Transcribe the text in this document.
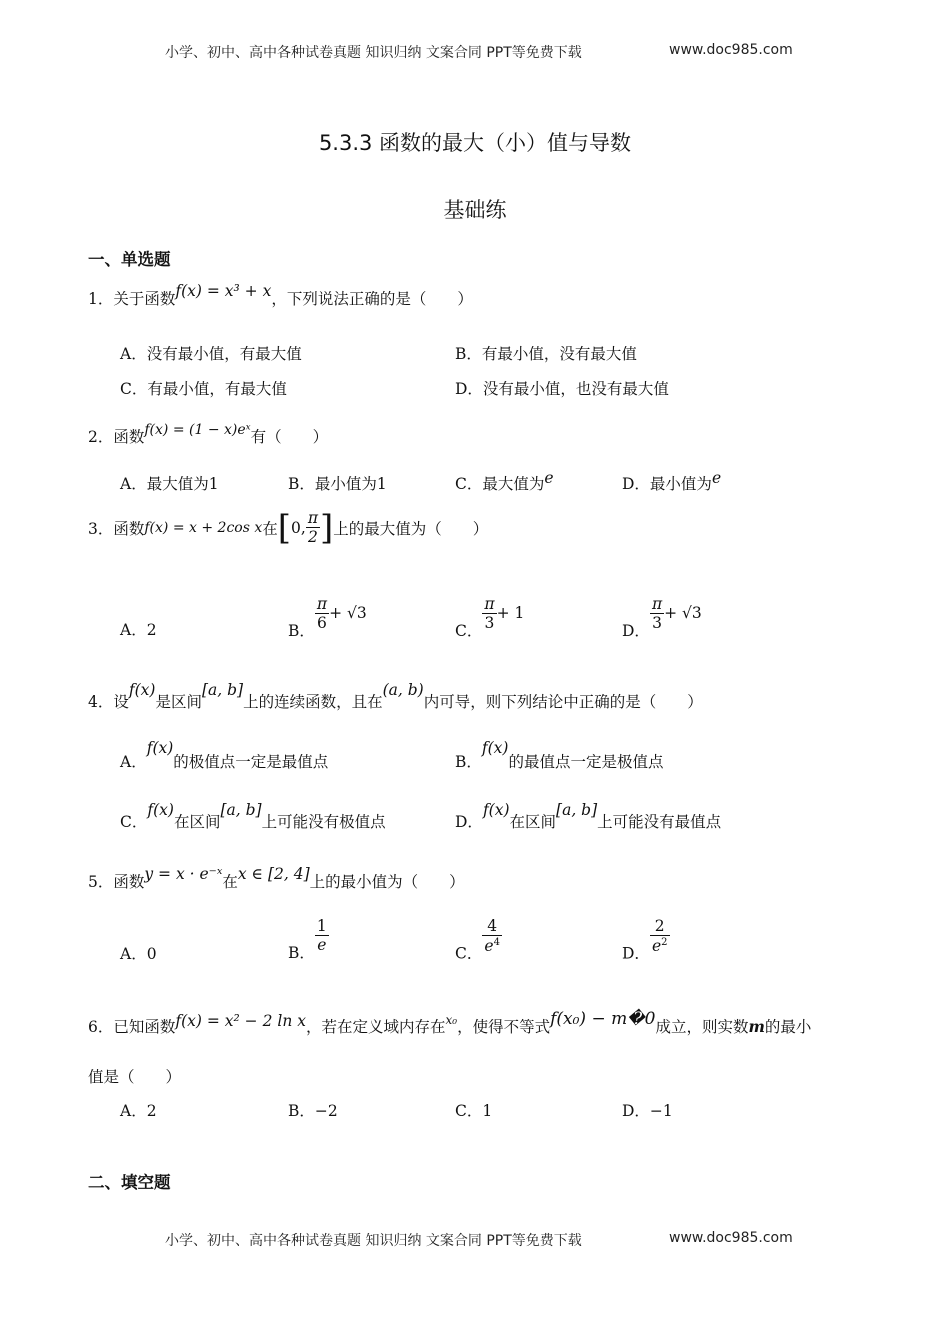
小学、初中、高中各种试卷真题 知识归纳 文案合同 PPT等免费下载	www.doc985.com
5.3.3 函数的最大（小）值与导数
基础练
一、单选题
1．关于函数f(x) = x³ + x，下列说法正确的是（　　）
A．没有最小值，有最大值	B．有最小值，没有最大值
C．有最小值，有最大值	D．没有最小值，也没有最大值
2．函数f(x) = (1 − x)eˣ有（　　）
A．最大值为1	B．最小值为1	C．最大值为e	D．最小值为e
3．函数f(x) = x + 2cos x在[0, $\frac{\pi}{2}$ ]上的最大值为（　　）
A．2	B． $\frac{\pi}{6} + √3$
C． $\frac{\pi}{3} + 1$
D． $\frac{\pi}{3} + √3$
4．设f(x)是区间[a, b]上的连续函数，且在(a, b)内可导，则下列结论中正确的是（　　）
A．f(x)的极值点一定是最值点	B．f(x)的最值点一定是极值点
C．f(x)在区间[a, b]上可能没有极值点	D．f(x)在区间[a, b]上可能没有最值点
5．函数y = x · e⁻ˣ在x ∈ [2, 4]上的最小值为（　　）
A．0	B． $\frac{1}{e}$	C． $\frac{4}{e^4}$	D． $\frac{2}{e^2}$
6．已知函数f(x) = x² − 2 ln x，若在定义域内存在$^{x_0}$，使得不等式f(x₀) − m�0成立，则实数m的最小
值是（　　）
A．2	B．−2	C．1	D．−1
二、填空题
小学、初中、高中各种试卷真题 知识归纳 文案合同 PPT等免费下载	www.doc985.com
